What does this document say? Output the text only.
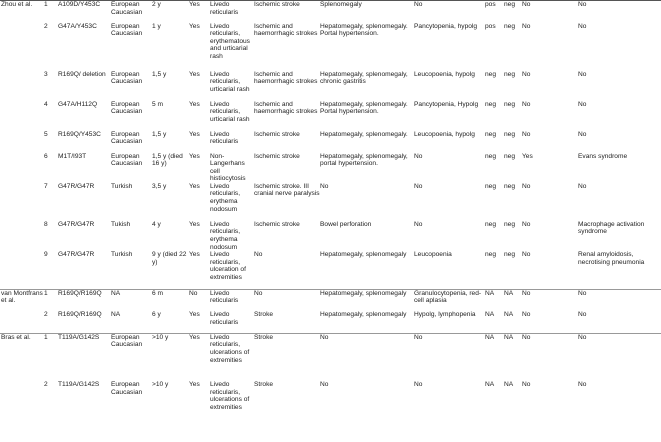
Zhou et al.	1	A109D/Y453C	European Caucasian	2 y	Yes	Livedo reticularis	Ischemic stroke	Splenomegaly	No	pos	neg	No	No
	2	G47A/Y453C	European Caucasian	1 y	Yes	Livedo reticularis, erythematous and urticarial rash	Ischemic and haemorrhagic strokes	Hepatomegaly, splenomegaly. Portal hypertension.	Pancytopenia, hypolg	pos	neg	No	No
	3	R169Q/ deletion	European Caucasian	1,5 y	Yes	Livedo reticularis, urticarial rash	Ischemic and haemorrhagic strokes	Hepatomegaly, splenomegaly, chronic gastritis	Leucopoenia, hypolg	neg	neg	No	No
	4	G47A/H112Q	European Caucasian	5 m	Yes	Livedo reticularis, urticarial rash	Ischemic and haemorrhagic strokes	Hepatomegaly, splenomegaly. Portal hypertension.	Pancytopenia, Hypolg	neg	neg	No	No
	5	R169Q/Y453C	European Caucasian	1,5 y	Yes	Livedo reticularis	Ischemic stroke	Hepatomegaly, splenomegaly.	Leucopoenia, hypolg	neg	neg	No	No
	6	M1T/I93T	European Caucasian	1,5 y (died 16 y)	Yes	Non-Langerhans cell histiocytosis	Ischemic stroke	Hepatomegaly, splenomegaly, portal hypertension.	No	neg	neg	Yes	Evans syndrome
	7	G47R/G47R	Turkish	3,5 y	Yes	Livedo reticularis, erythema nodosum	Ischemic stroke. III cranial nerve paralysis	No	No	neg	neg	No	No
	8	G47R/G47R	Tukish	4 y	Yes	Livedo reticularis, erythema nodosum	Ischemic stroke	Bowel perforation	No	neg	neg	No	Macrophage activation syndrome
	9	G47R/G47R	Turkish	9 y (died 22 y)	Yes	Livedo reticularis, ulceration of extremities	No	Hepatomegaly, splenomegaly	Leucopoenia	neg	neg	No	Renal amyloidosis, necrotising pneumonia
van Montfrans et al.	1	R169Q/R169Q	NA	6 m	No	Livedo reticularis	No	Hepatomegaly, splenomegaly	Granulocytopenia, red-cell aplasia	NA	NA	No	No
	2	R169Q/R169Q	NA	6 y	Yes	Livedo reticularis	Stroke	Hepatomegaly, splenomegaly	Hypolg, lymphopenia	NA	NA	No	No
Bras et al.	1	T119A/G142S	European Caucasian	>10 y	Yes	Livedo reticularis, ulcerations of extremities	Stroke	No	No	NA	NA	No	No
	2	T119A/G142S	European Caucasian	>10 y	Yes	Livedo reticularis, ulcerations of extremities	Stroke	No	No	NA	NA	No	No
